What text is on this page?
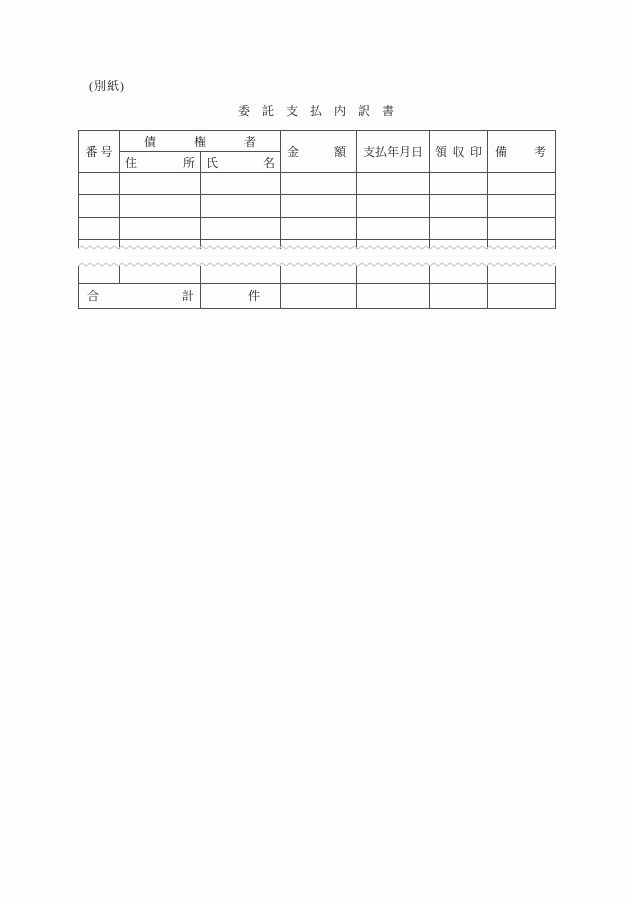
(別紙)
委 託 支 払 内 訳 書
番 号	債 権 者		金 額	支払年月日	領 収 印	備 考
	住 所	氏 名				

合 計		件				
